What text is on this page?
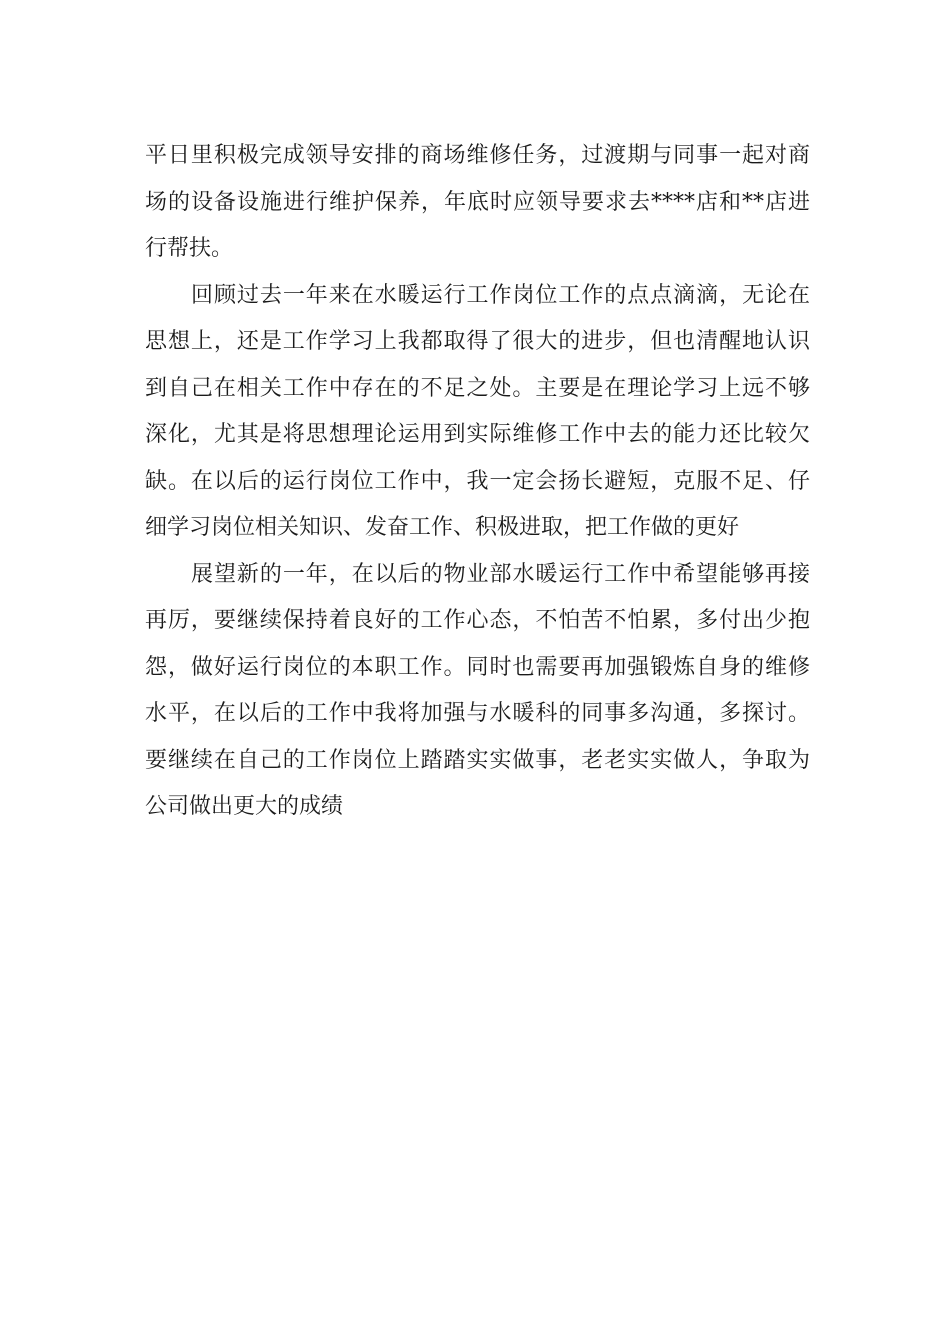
平日里积极完成领导安排的商场维修任务，过渡期与同事一起对商
场的设备设施进行维护保养，年底时应领导要求去****店和**店进
行帮扶。
回顾过去一年来在水暖运行工作岗位工作的点点滴滴，无论在
思想上，还是工作学习上我都取得了很大的进步，但也清醒地认识
到自己在相关工作中存在的不足之处。主要是在理论学习上远不够
深化，尤其是将思想理论运用到实际维修工作中去的能力还比较欠
缺。在以后的运行岗位工作中，我一定会扬长避短，克服不足、仔
细学习岗位相关知识、发奋工作、积极进取，把工作做的更好
展望新的一年，在以后的物业部水暖运行工作中希望能够再接
再厉，要继续保持着良好的工作心态，不怕苦不怕累，多付出少抱
怨，做好运行岗位的本职工作。同时也需要再加强锻炼自身的维修
水平，在以后的工作中我将加强与水暖科的同事多沟通，多探讨。
要继续在自己的工作岗位上踏踏实实做事，老老实实做人，争取为
公司做出更大的成绩
